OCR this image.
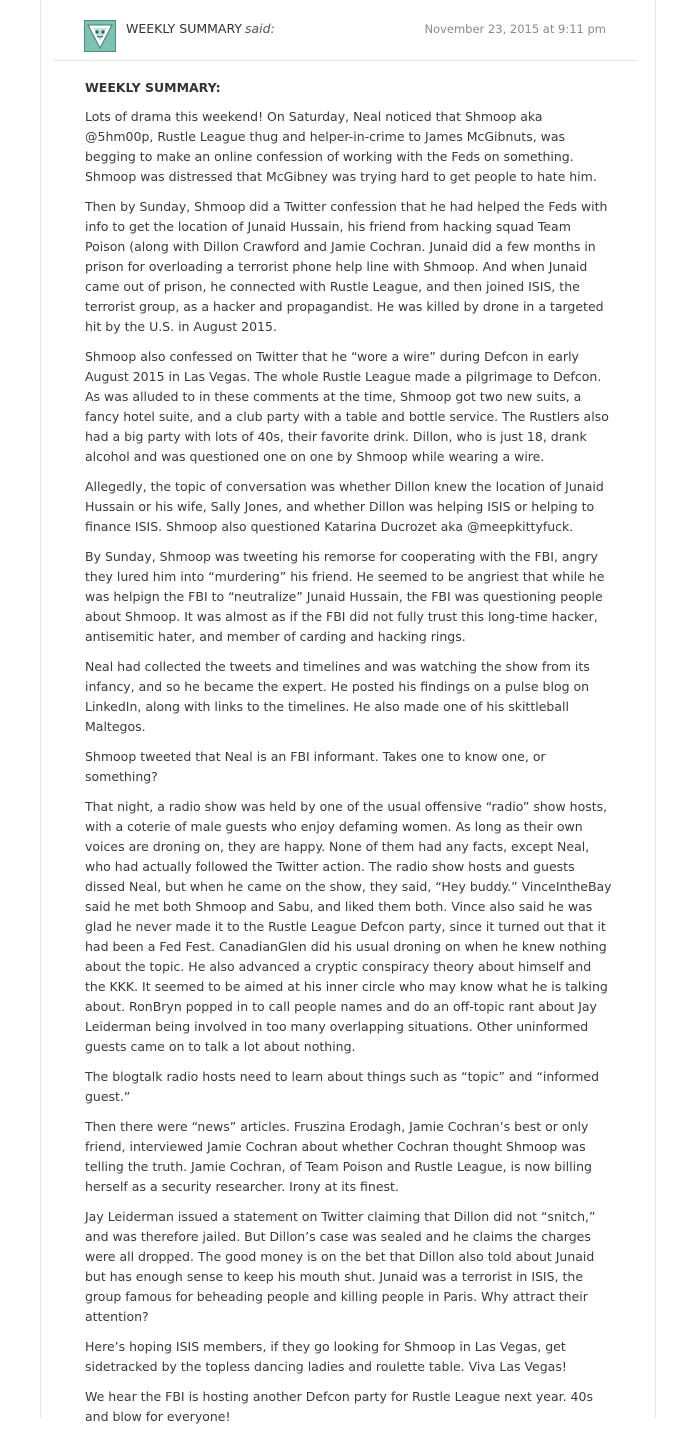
WEEKLY SUMMARY said:	November 23, 2015 at 9:11 pm
WEEKLY SUMMARY:

Lots of drama this weekend! On Saturday, Neal noticed that Shmoop aka @5hm00p, Rustle League thug and helper-in-crime to James McGibnuts, was begging to make an online confession of working with the Feds on something. Shmoop was distressed that McGibney was trying hard to get people to hate him.

Then by Sunday, Shmoop did a Twitter confession that he had helped the Feds with info to get the location of Junaid Hussain, his friend from hacking squad Team Poison (along with Dillon Crawford and Jamie Cochran. Junaid did a few months in prison for overloading a terrorist phone help line with Shmoop. And when Junaid came out of prison, he connected with Rustle League, and then joined ISIS, the terrorist group, as a hacker and propagandist. He was killed by drone in a targeted hit by the U.S. in August 2015.

Shmoop also confessed on Twitter that he “wore a wire” during Defcon in early August 2015 in Las Vegas. The whole Rustle League made a pilgrimage to Defcon. As was alluded to in these comments at the time, Shmoop got two new suits, a fancy hotel suite, and a club party with a table and bottle service. The Rustlers also had a big party with lots of 40s, their favorite drink. Dillon, who is just 18, drank alcohol and was questioned one on one by Shmoop while wearing a wire.

Allegedly, the topic of conversation was whether Dillon knew the location of Junaid Hussain or his wife, Sally Jones, and whether Dillon was helping ISIS or helping to finance ISIS. Shmoop also questioned Katarina Ducrozet aka @meepkittyfuck.

By Sunday, Shmoop was tweeting his remorse for cooperating with the FBI, angry they lured him into “murdering” his friend. He seemed to be angriest that while he was helpign the FBI to “neutralize” Junaid Hussain, the FBI was questioning people about Shmoop. It was almost as if the FBI did not fully trust this long-time hacker, antisemitic hater, and member of carding and hacking rings.

Neal had collected the tweets and timelines and was watching the show from its infancy, and so he became the expert. He posted his findings on a pulse blog on LinkedIn, along with links to the timelines. He also made one of his skittleball Maltegos.

Shmoop tweeted that Neal is an FBI informant. Takes one to know one, or something?

That night, a radio show was held by one of the usual offensive “radio” show hosts, with a coterie of male guests who enjoy defaming women. As long as their own voices are droning on, they are happy. None of them had any facts, except Neal, who had actually followed the Twitter action. The radio show hosts and guests dissed Neal, but when he came on the show, they said, “Hey buddy.” VinceIntheBay said he met both Shmoop and Sabu, and liked them both. Vince also said he was glad he never made it to the Rustle League Defcon party, since it turned out that it had been a Fed Fest. CanadianGlen did his usual droning on when he knew nothing about the topic. He also advanced a cryptic conspiracy theory about himself and the KKK. It seemed to be aimed at his inner circle who may know what he is talking about. RonBryn popped in to call people names and do an off-topic rant about Jay Leiderman being involved in too many overlapping situations. Other uninformed guests came on to talk a lot about nothing.

The blogtalk radio hosts need to learn about things such as “topic” and “informed guest.”

Then there were “news” articles. Fruszina Erodagh, Jamie Cochran’s best or only friend, interviewed Jamie Cochran about whether Cochran thought Shmoop was telling the truth. Jamie Cochran, of Team Poison and Rustle League, is now billing herself as a security researcher. Irony at its finest.

Jay Leiderman issued a statement on Twitter claiming that Dillon did not “snitch,” and was therefore jailed. But Dillon’s case was sealed and he claims the charges were all dropped. The good money is on the bet that Dillon also told about Junaid but has enough sense to keep his mouth shut. Junaid was a terrorist in ISIS, the group famous for beheading people and killing people in Paris. Why attract their attention?

Here’s hoping ISIS members, if they go looking for Shmoop in Las Vegas, get sidetracked by the topless dancing ladies and roulette table. Viva Las Vegas!

We hear the FBI is hosting another Defcon party for Rustle League next year. 40s and blow for everyone!
